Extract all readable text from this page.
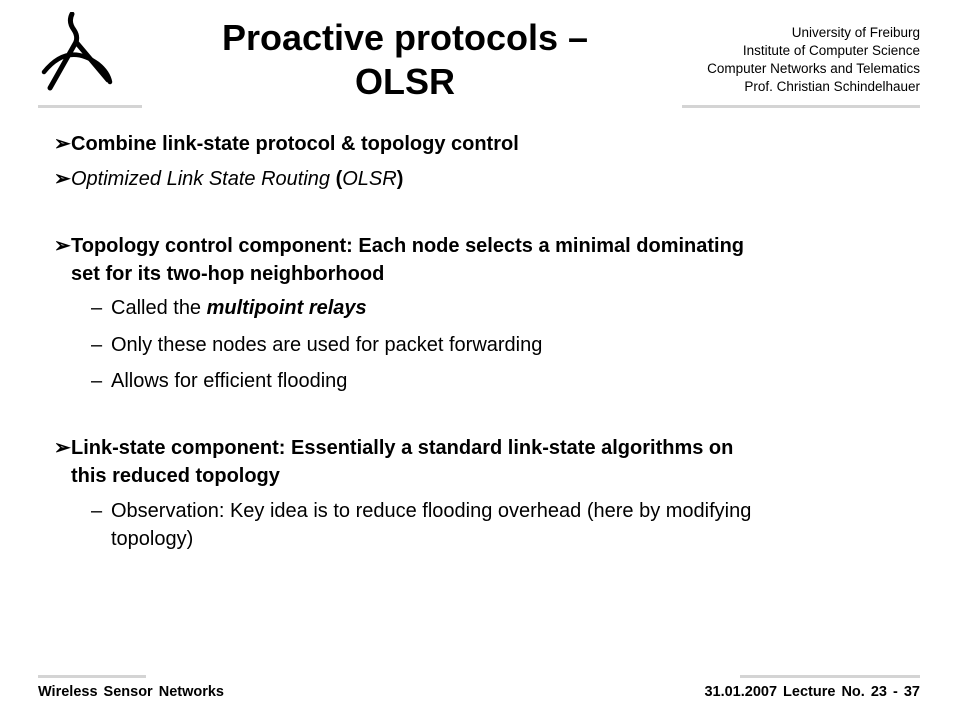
Proactive protocols –
OLSR
University of Freiburg
Institute of Computer Science
Computer Networks and Telematics
Prof. Christian Schindelhauer
➢ Combine link-state protocol & topology control
➢ Optimized Link State Routing (OLSR)
➢ Topology control component: Each node selects a minimal dominating
set for its two-hop neighborhood
– Called the multipoint relays
– Only these nodes are used for packet forwarding
– Allows for efficient flooding
➢ Link-state component: Essentially a standard link-state algorithms on
this reduced topology
– Observation: Key idea is to reduce flooding overhead (here by modifying
topology)
Wireless Sensor Networks	31.01.2007 Lecture No. 23 - 37
